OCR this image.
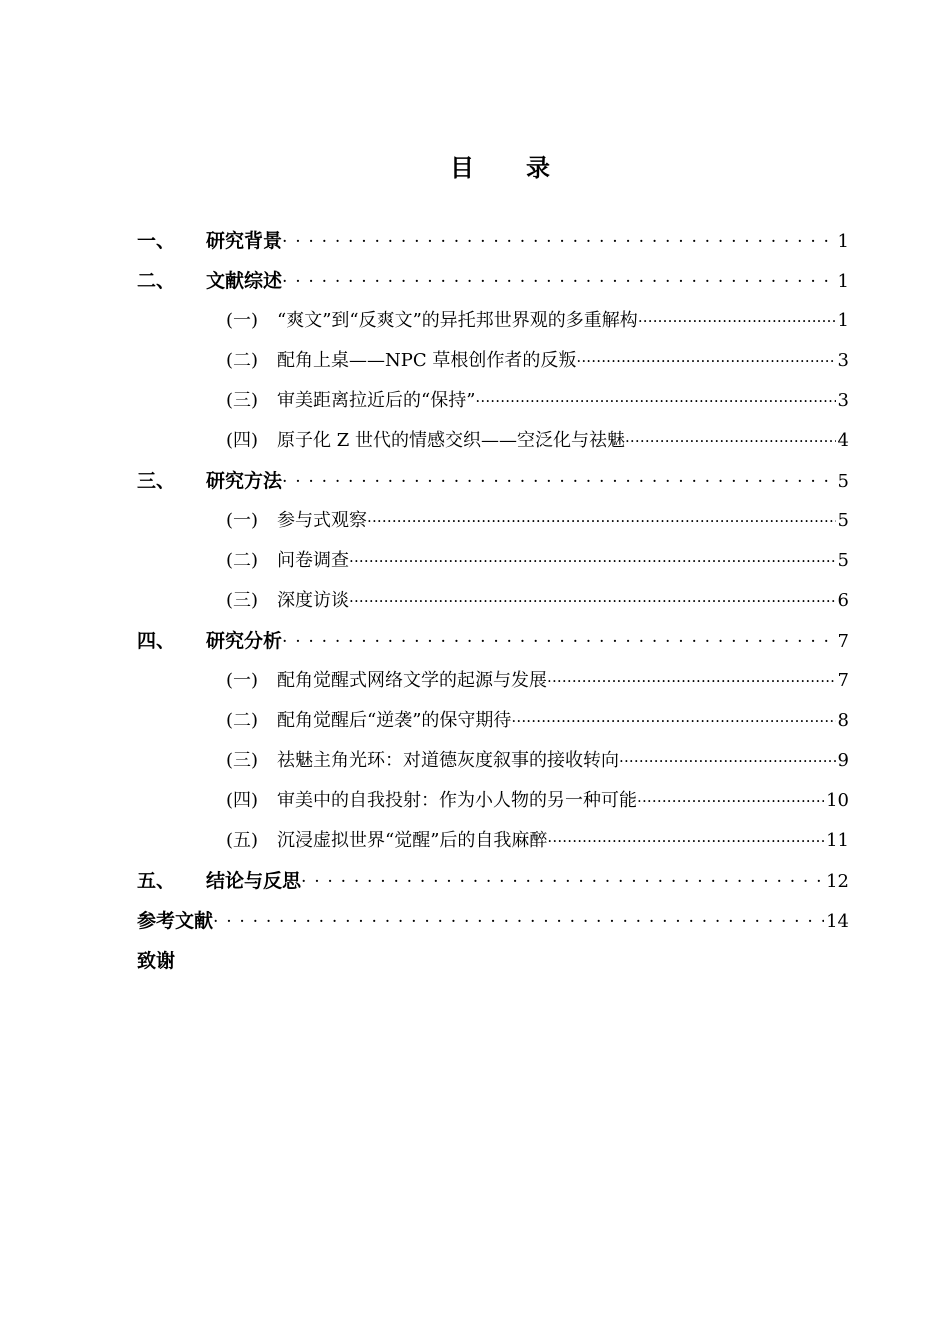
目 录
一、	研究背景 . . .	1
二、	文献综述 . . .	1
(一)	“爽文”到“反爽文”的异托邦世界观的多重解构 .....	1
(二)	配角上桌——NPC 草根创作者的反叛 .....	3
(三)	审美距离拉近后的“保持” .....	3
(四)	原子化 Z 世代的情感交织——空泛化与祛魅 .....	4
三、	研究方法 . . .	5
(一)	参与式观察 .....	5
(二)	问卷调查 .....	5
(三)	深度访谈 .....	6
四、	研究分析 . . .	7
(一)	配角觉醒式网络文学的起源与发展 .....	7
(二)	配角觉醒后“逆袭”的保守期待 .....	8
(三)	祛魅主角光环：对道德灰度叙事的接收转向 .....	9
(四)	审美中的自我投射：作为小人物的另一种可能 .....	10
(五)	沉浸虚拟世界“觉醒”后的自我麻醉 .....	11
五、	结论与反思 . . .	12
参考文献 . . .	14
致谢
